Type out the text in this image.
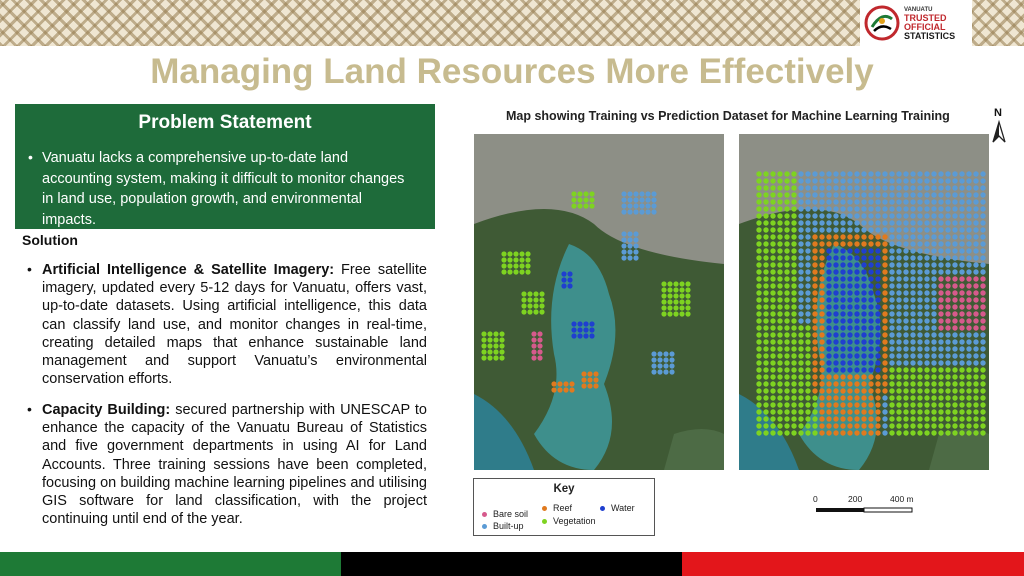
VANUATU
TRUSTED
OFFICIAL
STATISTICS
Managing Land Resources More Effectively
Problem Statement
• Vanuatu lacks a comprehensive up-to-date land accounting system, making it difficult to monitor changes in land use, population growth, and environmental impacts.
Solution
• Artificial Intelligence & Satellite Imagery: Free satellite imagery, updated every 5-12 days for Vanuatu, offers vast, up-to-date datasets. Using artificial intelligence, this data can classify land use, and monitor changes in real-time, creating detailed maps that enhance sustainable land management and support Vanuatu’s environmental conservation efforts.
• Capacity Building: secured partnership with UNESCAP to enhance the capacity of the Vanuatu Bureau of Statistics and five government departments in using AI for Land Accounts. Three training sessions have been completed, focusing on building machine learning pipelines and utilising GIS software for land classification, with the project continuing until end of the year.
Map showing Training vs Prediction Dataset for Machine Learning Training	N
Key
Bare soil
Reef	Water
Built-up	Vegetation
0	200	400 m
